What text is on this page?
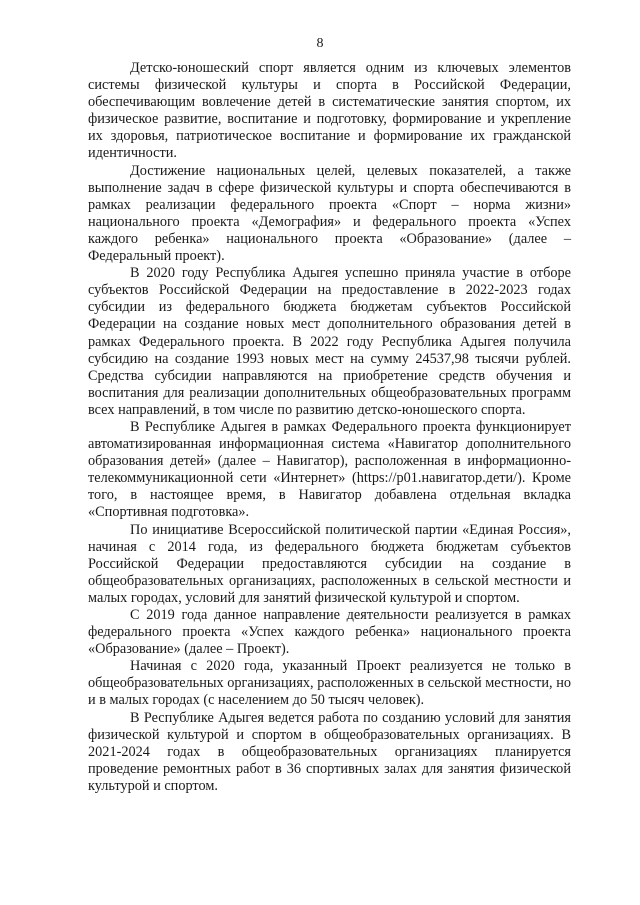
8

Детско-юношеский спорт является одним из ключевых элементов системы физической культуры и спорта в Российской Федерации, обеспечивающим вовлечение детей в систематические занятия спортом, их физическое развитие, воспитание и подготовку, формирование и укрепление их здоровья, патриотическое воспитание и формирование их гражданской идентичности.

Достижение национальных целей, целевых показателей, а также выполнение задач в сфере физической культуры и спорта обеспечиваются в рамках реализации федерального проекта «Спорт – норма жизни» национального проекта «Демография» и федерального проекта «Успех каждого ребенка» национального проекта «Образование» (далее – Федеральный проект).

В 2020 году Республика Адыгея успешно приняла участие в отборе субъектов Российской Федерации на предоставление в 2022-2023 годах субсидии из федерального бюджета бюджетам субъектов Российской Федерации на создание новых мест дополнительного образования детей в рамках Федерального проекта. В 2022 году Республика Адыгея получила субсидию на создание 1993 новых мест на сумму 24537,98 тысячи рублей. Средства субсидии направляются на приобретение средств обучения и воспитания для реализации дополнительных общеобразовательных программ всех направлений, в том числе по развитию детско-юношеского спорта.

В Республике Адыгея в рамках Федерального проекта функционирует автоматизированная информационная система «Навигатор дополнительного образования детей» (далее – Навигатор), расположенная в информационно-телекоммуникационной сети «Интернет» (https://p01.навигатор.дети/). Кроме того, в настоящее время, в Навигатор добавлена отдельная вкладка «Спортивная подготовка».

По инициативе Всероссийской политической партии «Единая Россия», начиная с 2014 года, из федерального бюджета бюджетам субъектов Российской Федерации предоставляются субсидии на создание в общеобразовательных организациях, расположенных в сельской местности и малых городах, условий для занятий физической культурой и спортом.

С 2019 года данное направление деятельности реализуется в рамках федерального проекта «Успех каждого ребенка» национального проекта «Образование» (далее – Проект).

Начиная с 2020 года, указанный Проект реализуется не только в общеобразовательных организациях, расположенных в сельской местности, но и в малых городах (с населением до 50 тысяч человек).

В Республике Адыгея ведется работа по созданию условий для занятия физической культурой и спортом в общеобразовательных организациях. В 2021-2024 годах в общеобразовательных организациях планируется проведение ремонтных работ в 36 спортивных залах для занятия физической культурой и спортом.
